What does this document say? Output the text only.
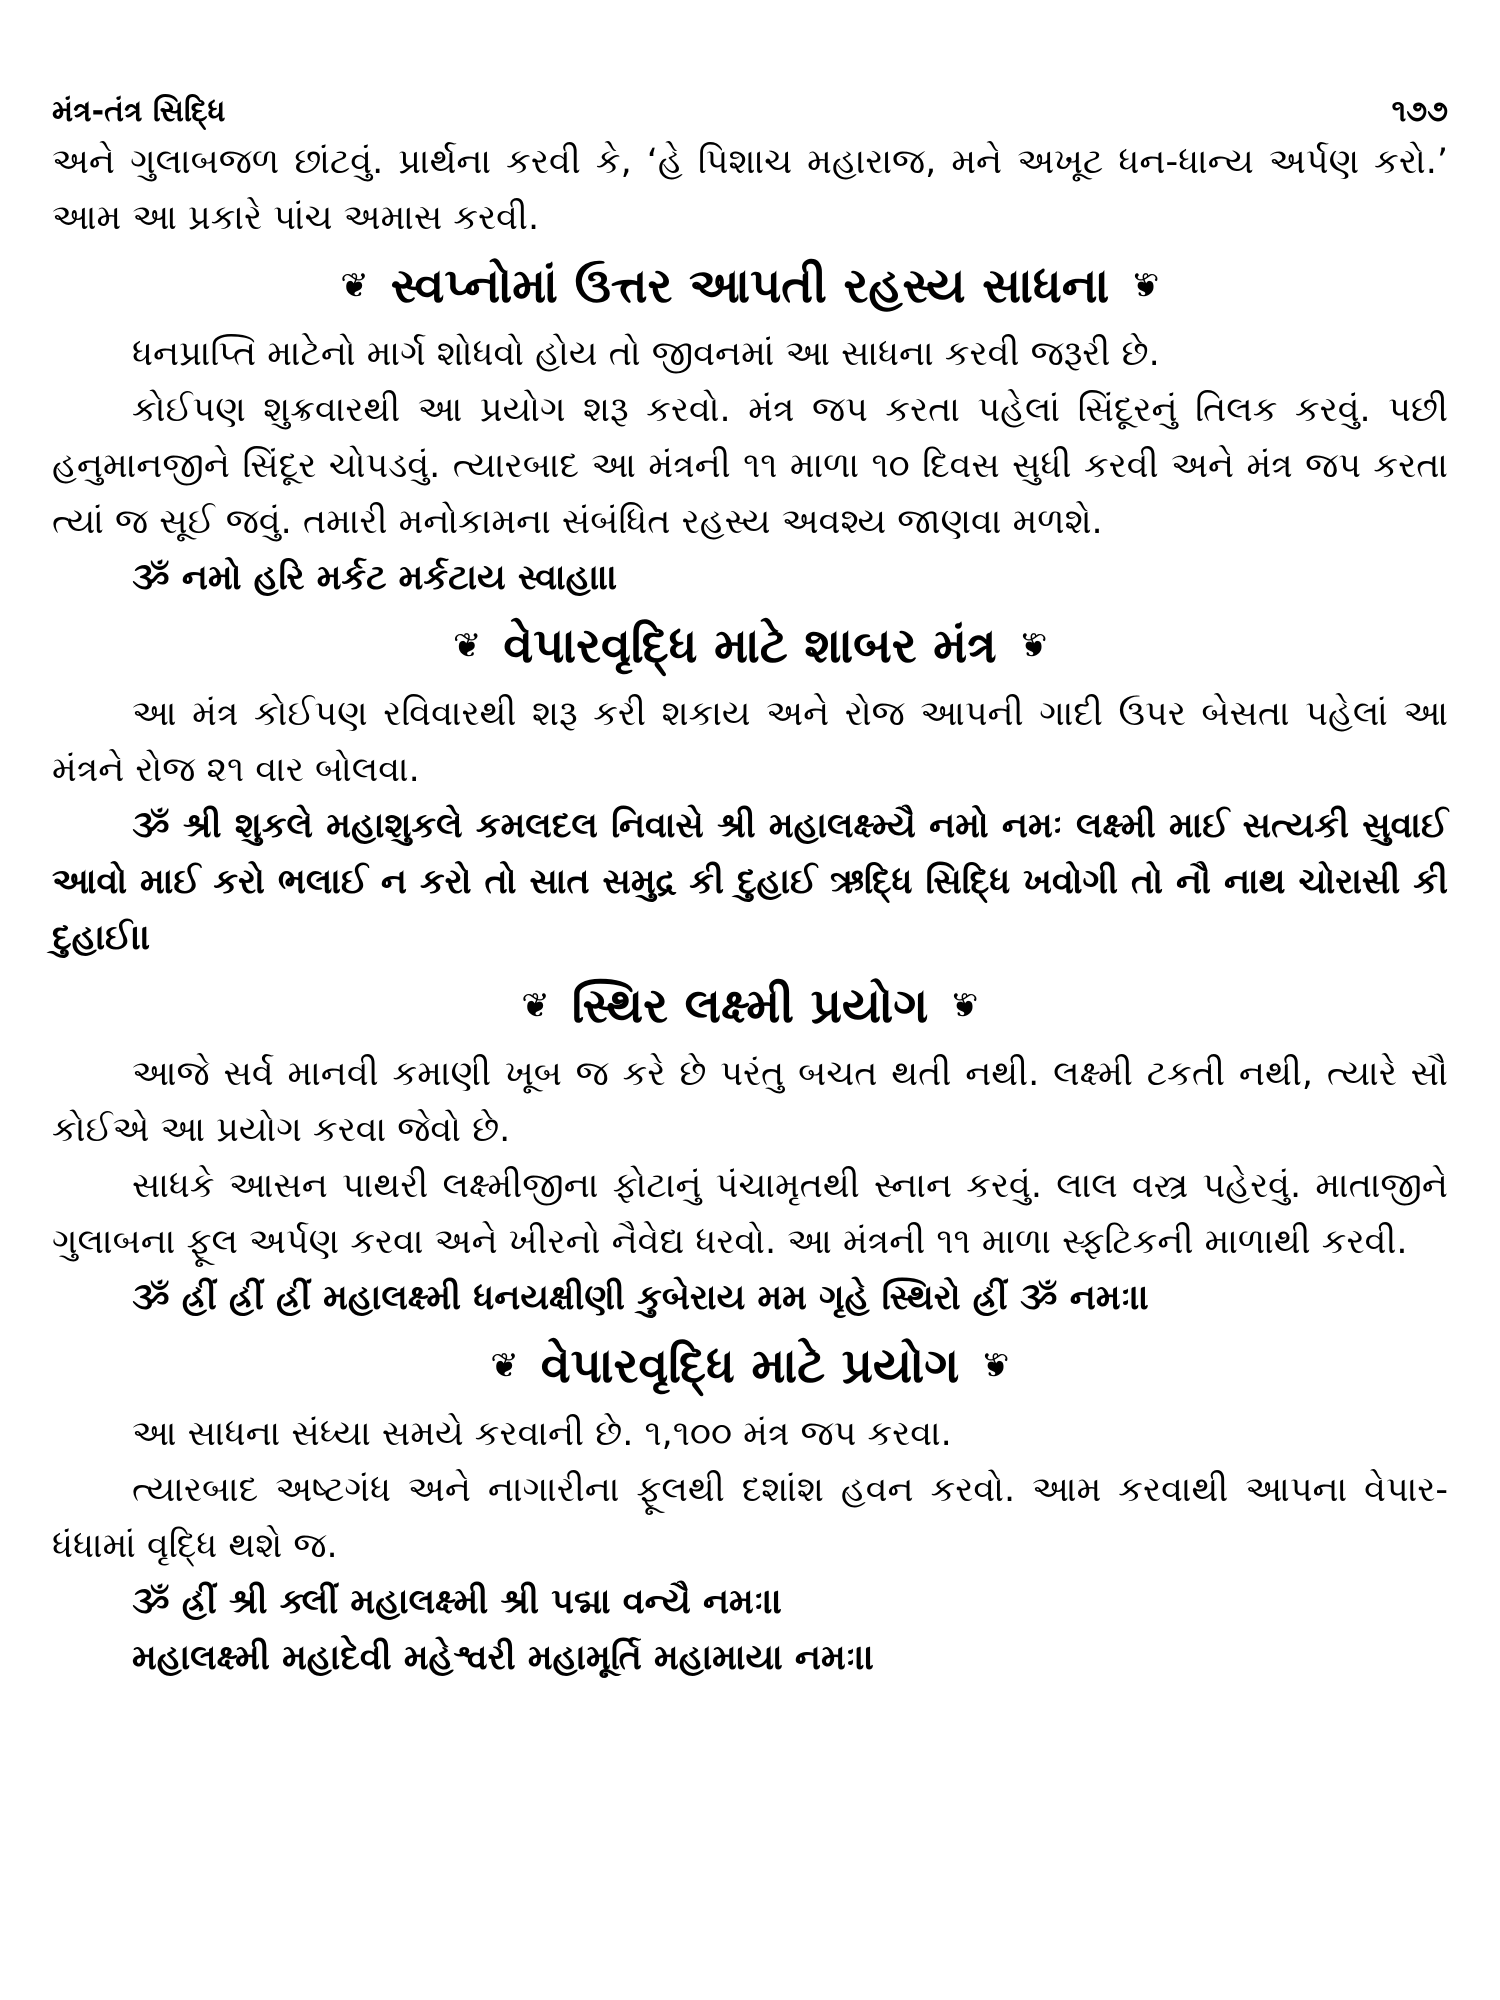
મંત્ર-તંત્ર સિદ્ધિ	૧૭૭

અને ગુલાબજળ છાંટવું. પ્રાર્થના કરવી કે, ‘હે પિશાચ મહારાજ, મને અખૂટ ધન-ધાન્ય અર્પણ કરો.’ આમ આ પ્રકારે પાંચ અમાસ કરવી.

❦ સ્વપ્નોમાં ઉત્તર આપતી રહસ્ય સાધના ❦

ધનપ્રાપ્તિ માટેનો માર્ગ શોધવો હોય તો જીવનમાં આ સાધના કરવી જરૂરી છે.

કોઈપણ શુક્રવારથી આ પ્રયોગ શરૂ કરવો. મંત્ર જપ કરતા પહેલાં સિંદૂરનું તિલક કરવું. પછી હનુમાનજીને સિંદૂર ચોપડવું. ત્યારબાદ આ મંત્રની ૧૧ માળા ૧૦ દિવસ સુધી કરવી અને મંત્ર જપ કરતા ત્યાં જ સૂઈ જવું. તમારી મનોકામના સંબંધિત રહસ્ય અવશ્ય જાણવા મળશે.

ૐ નમો હરિ મર્કટ મર્કટાય સ્વાહા।।

❦ વેપારવૃદ્ધિ માટે શાબર મંત્ર ❦

આ મંત્ર કોઈપણ રવિવારથી શરૂ કરી શકાય અને રોજ આપની ગાદી ઉપર બેસતા પહેલાં આ મંત્રને રોજ ૨૧ વાર બોલવા.

ૐ શ્રી શુકલે મહાશુકલે કમલદલ નિવાસે શ્રી મહાલક્ષ્મ્યૈ નમો નમઃ લક્ષ્મી માઈ સત્યકી સુવાઈ આવો માઈ કરો ભલાઈ ન કરો તો સાત સમુદ્ર કી દુહાઈ ઋદ્ધિ સિદ્ધિ ખવોગી તો નૌ નાથ ચોરાસી કી દુહાઈ।।

❦ સ્થિર લક્ષ્મી પ્રયોગ ❦

આજે સર્વ માનવી કમાણી ખૂબ જ કરે છે પરંતુ બચત થતી નથી. લક્ષ્મી ટકતી નથી, ત્યારે સૌ કોઈએ આ પ્રયોગ કરવા જેવો છે.

સાધકે આસન પાથરી લક્ષ્મીજીના ફોટાનું પંચામૃતથી સ્નાન કરવું. લાલ વસ્ત્ર પહેરવું. માતાજીને ગુલાબના ફૂલ અર્પણ કરવા અને ખીરનો નૈવેદ્ય ધરવો. આ મંત્રની ૧૧ માળા સ્ફટિકની માળાથી કરવી.

ૐ હ્રીં હ્રીં હ્રીં મહાલક્ષ્મી ધનયક્ષીણી કુબેરાય મમ ગૃહે સ્થિરો હ્રીં ૐ નમઃ।।

❦ વેપારવૃદ્ધિ માટે પ્રયોગ ❦

આ સાધના સંધ્યા સમયે કરવાની છે. ૧,૧૦૦ મંત્ર જપ કરવા.

ત્યારબાદ અષ્ટગંધ અને નાગારીના ફૂલથી દશાંશ હવન કરવો. આમ કરવાથી આપના વેપાર-ધંધામાં વૃદ્ધિ થશે જ.

ૐ હ્રીં શ્રી ક્લીં મહાલક્ષ્મી શ્રી પદ્મા વન્યૈ નમઃ।।

મહાલક્ષ્મી મહાદેવી મહેશ્વરી મહામૂર્તિ મહામાયા નમઃ।।
